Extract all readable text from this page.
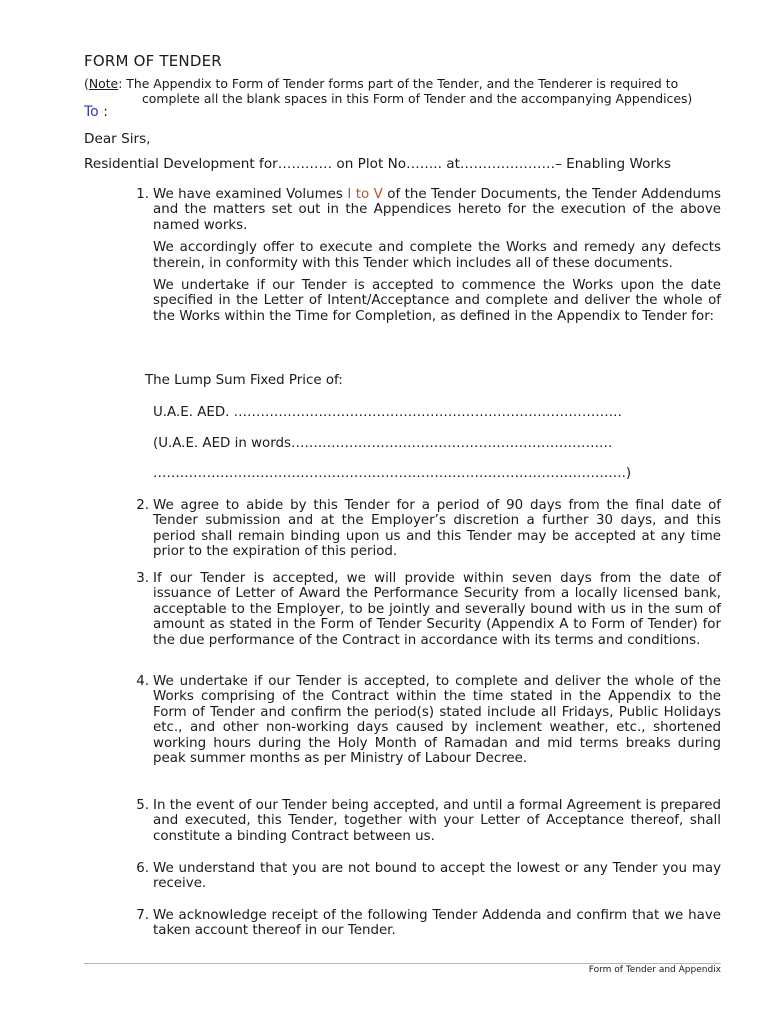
FORM OF TENDER
(Note: The Appendix to Form of Tender forms part of the Tender, and the Tenderer is required to
complete all the blank spaces in this Form of Tender and the accompanying Appendices)
To :
Dear Sirs,
Residential Development for………… on Plot No…….. at…………………– Enabling Works
1. We have examined Volumes I to V of the Tender Documents, the Tender Addendums and the matters set out in the Appendices hereto for the execution of the above named works.

We accordingly offer to execute and complete the Works and remedy any defects therein, in conformity with this Tender which includes all of these documents.

We undertake if our Tender is accepted to commence the Works upon the date specified in the Letter of Intent/Acceptance and complete and deliver the whole of the Works within the Time for Completion, as defined in the Appendix to Tender for:

The Lump Sum Fixed Price of:
U.A.E. AED. ……………………………………………………………………………
(U.A.E. AED in words………………………………………………………………
…………………………………………………………………………………………….)
2. We agree to abide by this Tender for a period of 90 days from the final date of Tender submission and at the Employer’s discretion a further 30 days, and this period shall remain binding upon us and this Tender may be accepted at any time prior to the expiration of this period.
3. If our Tender is accepted, we will provide within seven days from the date of issuance of Letter of Award the Performance Security from a locally licensed bank, acceptable to the Employer, to be jointly and severally bound with us in the sum of amount as stated in the Form of Tender Security (Appendix A to Form of Tender) for the due performance of the Contract in accordance with its terms and conditions.
4. We undertake if our Tender is accepted, to complete and deliver the whole of the Works comprising of the Contract within the time stated in the Appendix to the Form of Tender and confirm the period(s) stated include all Fridays, Public Holidays etc., and other non-working days caused by inclement weather, etc., shortened working hours during the Holy Month of Ramadan and mid terms breaks during peak summer months as per Ministry of Labour Decree.
5. In the event of our Tender being accepted, and until a formal Agreement is prepared and executed, this Tender, together with your Letter of Acceptance thereof, shall constitute a binding Contract between us.
6. We understand that you are not bound to accept the lowest or any Tender you may receive.
7. We acknowledge receipt of the following Tender Addenda and confirm that we have taken account thereof in our Tender.
Form of Tender and Appendix
